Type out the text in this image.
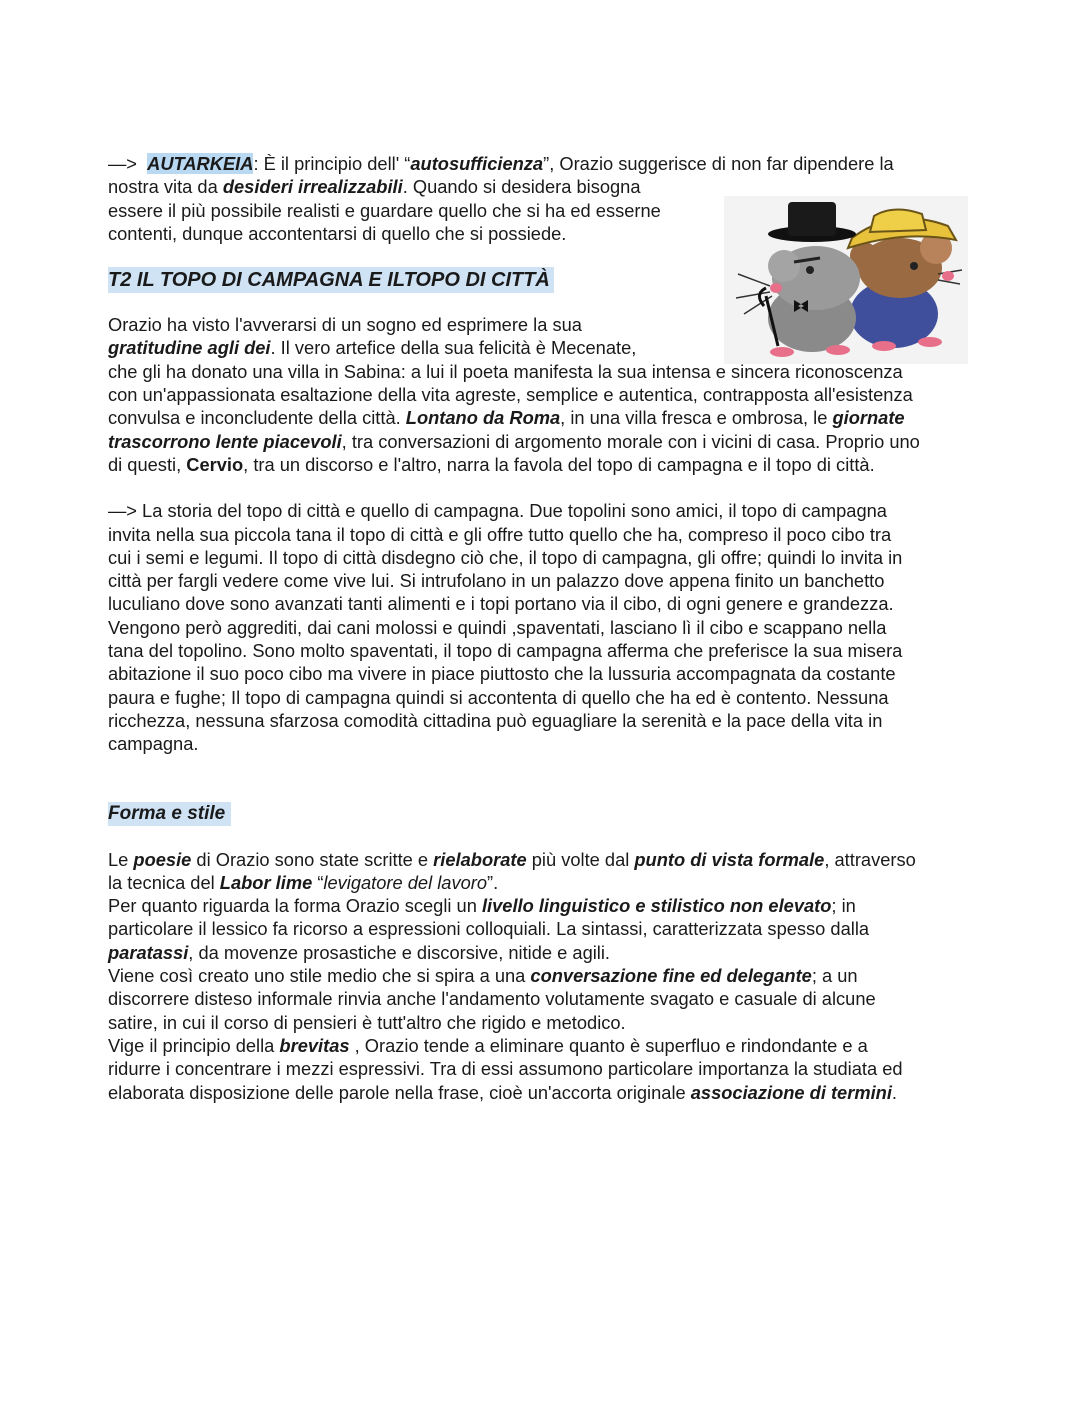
—> AUTARKEIA: È il principio dell' “autosufficienza”, Orazio suggerisce di non far dipendere la

nostra vita da desideri irrealizzabili. Quando si desidera bisogna

essere il più possibile realisti e guardare quello che si ha ed esserne

contenti, dunque accontentarsi di quello che si possiede.

T2 IL TOPO DI CAMPAGNA E ILTOPO DI CITTÀ

Orazio ha visto l'avverarsi di un sogno ed esprimere la sua

gratitudine agli dei. Il vero artefice della sua felicità è Mecenate,

che gli ha donato una villa in Sabina: a lui il poeta manifesta la sua intensa e sincera riconoscenza

con un'appassionata esaltazione della vita agreste, semplice e autentica, contrapposta all'esistenza

convulsa e inconcludente della città. Lontano da Roma, in una villa fresca e ombrosa, le giornate

trascorrono lente piacevoli, tra conversazioni di argomento morale con i vicini di casa. Proprio uno

di questi, Cervio, tra un discorso e l'altro, narra la favola del topo di campagna e il topo di città.

—> La storia del topo di città e quello di campagna. Due topolini sono amici, il topo di campagna

invita nella sua piccola tana il topo di città e gli offre tutto quello che ha, compreso il poco cibo tra

cui i semi e legumi. Il topo di città disdegno ciò che, il topo di campagna, gli offre; quindi lo invita in

città per fargli vedere come vive lui. Si intrufolano in un palazzo dove appena finito un banchetto

luculiano dove sono avanzati tanti alimenti e i topi portano via il cibo, di ogni genere e grandezza.

Vengono però aggrediti, dai cani molossi e quindi ,spaventati, lasciano lì il cibo e scappano nella

tana del topolino. Sono molto spaventati, il topo di campagna afferma che preferisce la sua misera

abitazione il suo poco cibo ma vivere in piace piuttosto che la lussuria accompagnata da costante

paura e fughe; Il topo di campagna quindi si accontenta di quello che ha ed è contento. Nessuna

ricchezza, nessuna sfarzosa comodità cittadina può eguagliare la serenità e la pace della vita in

campagna.

Forma e stile

Le poesie di Orazio sono state scritte e rielaborate più volte dal punto di vista formale, attraverso

la tecnica del Labor lime “levigatore del lavoro”.

Per quanto riguarda la forma Orazio scegli un livello linguistico e stilistico non elevato; in

particolare il lessico fa ricorso a espressioni colloquiali. La sintassi, caratterizzata spesso dalla

paratassi, da movenze prosastiche e discorsive, nitide e agili.

Viene così creato uno stile medio che si spira a una conversazione fine ed delegante; a un

discorrere disteso informale rinvia anche l'andamento volutamente svagato e casuale di alcune

satire, in cui il corso di pensieri è tutt'altro che rigido e metodico.

Vige il principio della brevitas , Orazio tende a eliminare quanto è superfluo e rindondante e a

ridurre i concentrare i mezzi espressivi. Tra di essi assumono particolare importanza la studiata ed

elaborata disposizione delle parole nella frase, cioè un'accorta originale associazione di termini.
